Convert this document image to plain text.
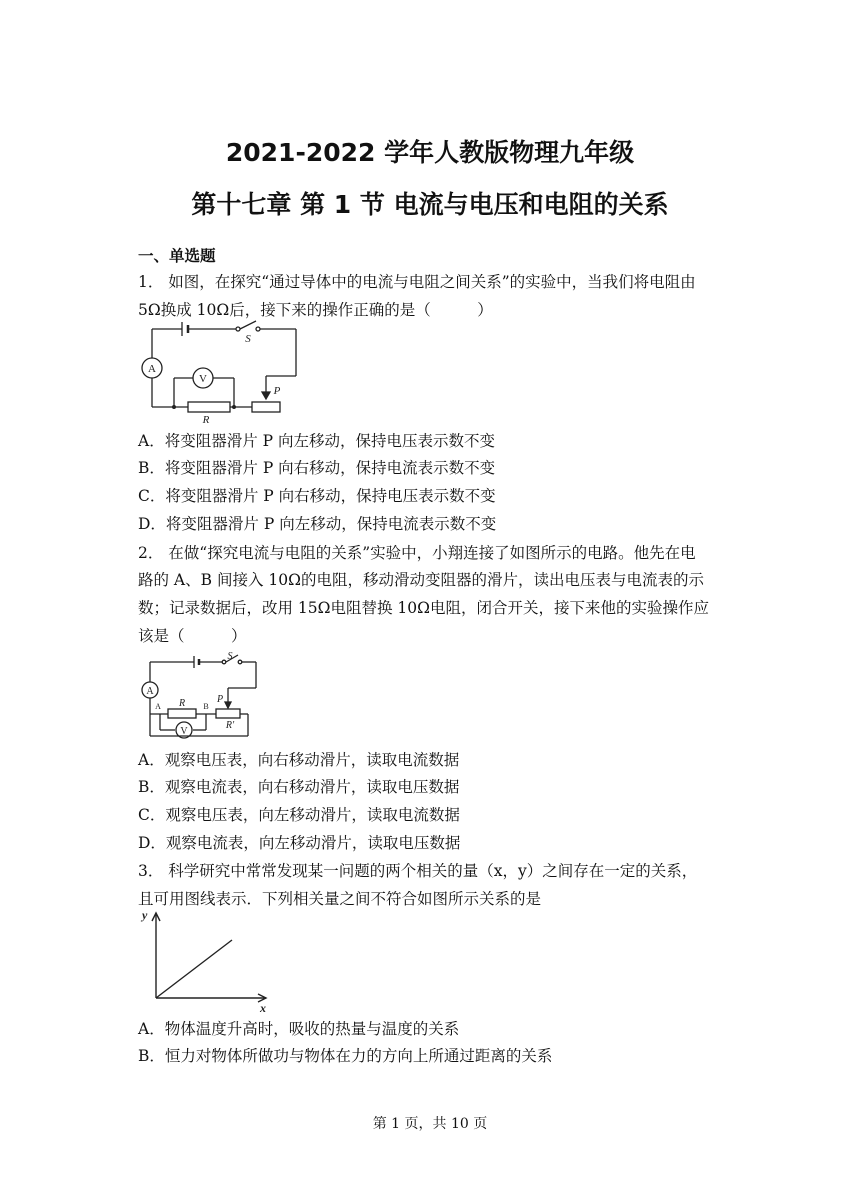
2021-2022 学年人教版物理九年级
第十七章 第 1 节 电流与电压和电阻的关系
一、单选题
1． 如图，在探究“通过导体中的电流与电阻之间关系”的实验中，当我们将电阻由
5Ω换成 10Ω后，接下来的操作正确的是（　　　）
S
A
V
R
P
A．将变阻器滑片 P 向左移动，保持电压表示数不变
B．将变阻器滑片 P 向右移动，保持电流表示数不变
C．将变阻器滑片 P 向右移动，保持电压表示数不变
D．将变阻器滑片 P 向左移动，保持电流表示数不变
2． 在做“探究电流与电阻的关系”实验中，小翔连接了如图所示的电路。他先在电
路的 A、B 间接入 10Ω的电阻，移动滑动变阻器的滑片，读出电压表与电流表的示
数；记录数据后，改用 15Ω电阻替换 10Ω电阻，闭合开关，接下来他的实验操作应
该是（　　　）
S
A
V
R	P
R'
A	B
A．观察电压表，向右移动滑片，读取电流数据
B．观察电流表，向右移动滑片，读取电压数据
C．观察电压表，向左移动滑片，读取电流数据
D．观察电流表，向左移动滑片，读取电压数据
3． 科学研究中常常发现某一问题的两个相关的量（x，y）之间存在一定的关系，
且可用图线表示．下列相关量之间不符合如图所示关系的是
y
x
A．物体温度升高时，吸收的热量与温度的关系
B．恒力对物体所做功与物体在力的方向上所通过距离的关系
第 1 页，共 10 页
